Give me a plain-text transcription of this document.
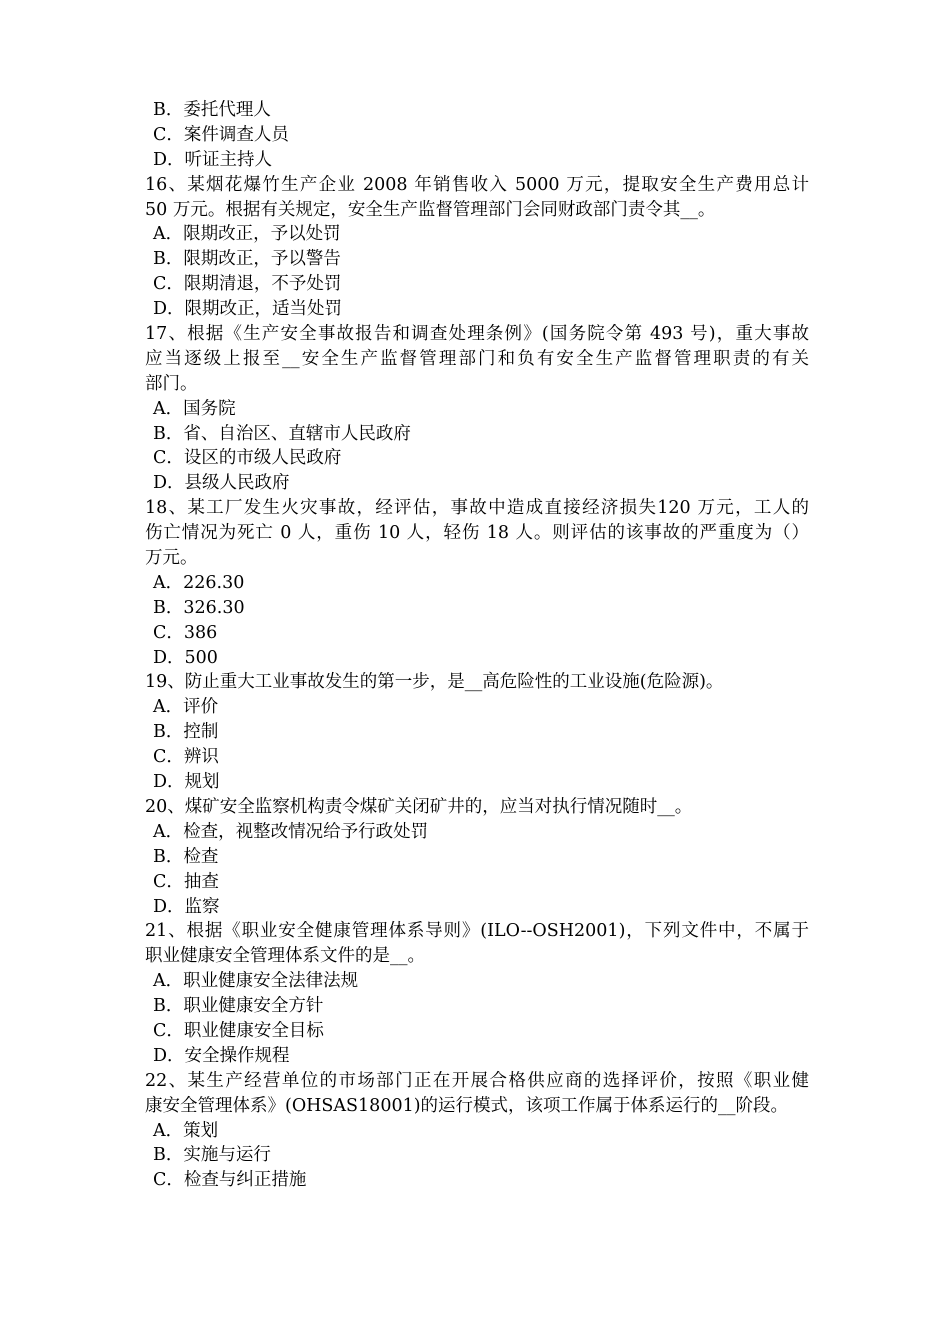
B．委托代理人
C．案件调查人员
D．听证主持人
16、某烟花爆竹生产企业 2008 年销售收入 5000 万元，提取安全生产费用总计
50 万元。根据有关规定，安全生产监督管理部门会同财政部门责令其__。
A．限期改正，予以处罚
B．限期改正，予以警告
C．限期清退，不予处罚
D．限期改正，适当处罚
17、根据《生产安全事故报告和调查处理条例》(国务院令第 493 号)，重大事故
应当逐级上报至__安全生产监督管理部门和负有安全生产监督管理职责的有关
部门。
A．国务院
B．省、自治区、直辖市人民政府
C．设区的市级人民政府
D．县级人民政府
18、某工厂发生火灾事故，经评估，事故中造成直接经济损失120 万元，工人的
伤亡情况为死亡 0 人，重伤 10 人，轻伤 18 人。则评估的该事故的严重度为（）
万元。
A．226.30
B．326.30
C．386
D．500
19、防止重大工业事故发生的第一步，是__高危险性的工业设施(危险源)。
A．评价
B．控制
C．辨识
D．规划
20、煤矿安全监察机构责令煤矿关闭矿井的，应当对执行情况随时__。
A．检查，视整改情况给予行政处罚
B．检查
C．抽查
D．监察
21、根据《职业安全健康管理体系导则》(ILO--OSH2001)，下列文件中，不属于
职业健康安全管理体系文件的是__。
A．职业健康安全法律法规
B．职业健康安全方针
C．职业健康安全目标
D．安全操作规程
22、某生产经营单位的市场部门正在开展合格供应商的选择评价，按照《职业健
康安全管理体系》(OHSAS18001)的运行模式，该项工作属于体系运行的__阶段。
A．策划
B．实施与运行
C．检查与纠正措施
